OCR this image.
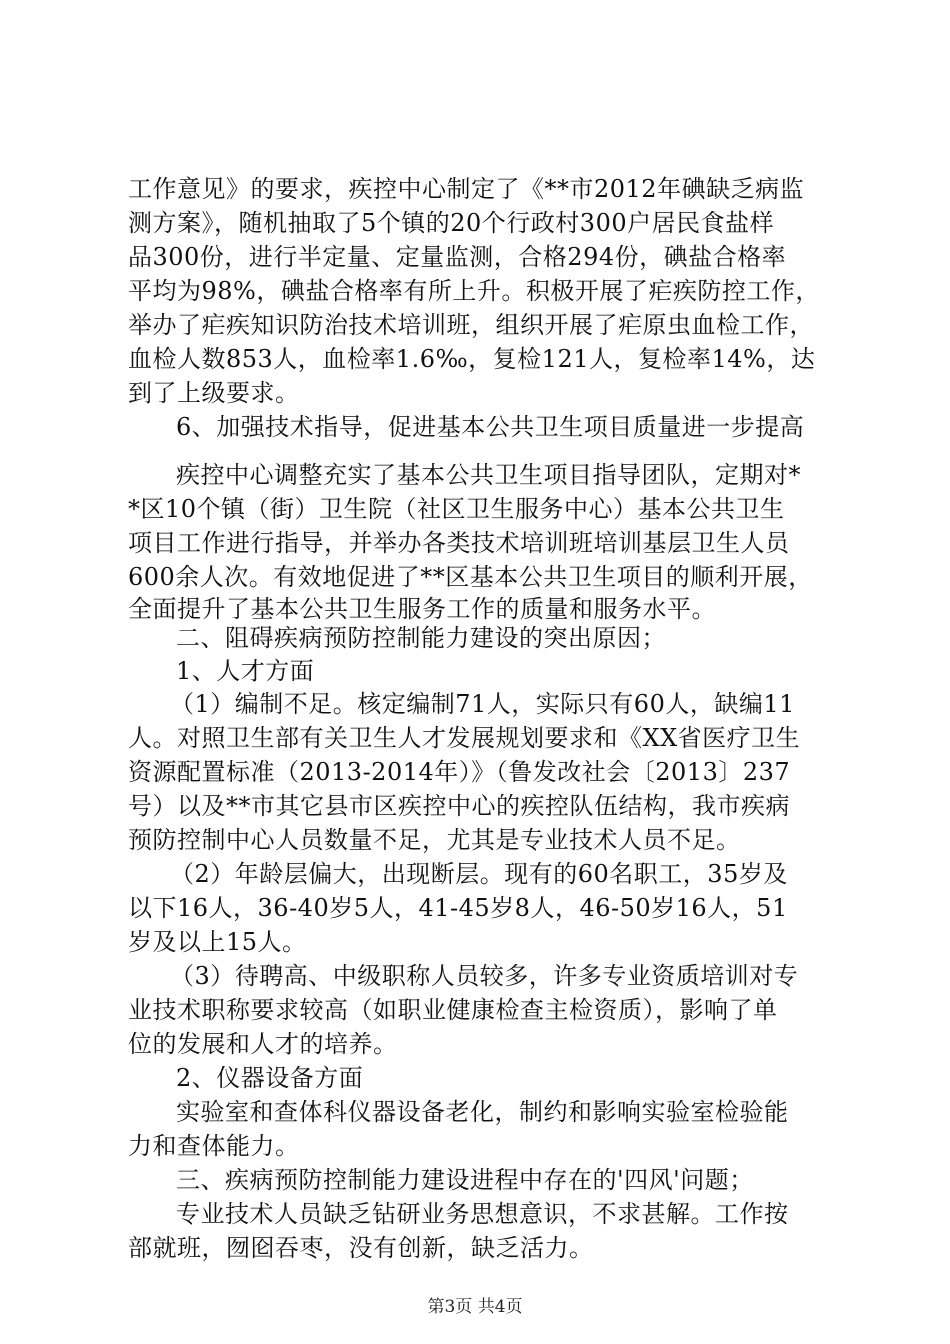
工作意见》的要求，疾控中心制定了《**市2012年碘缺乏病监
测方案》，随机抽取了5个镇的20个行政村300户居民食盐样
品300份，进行半定量、定量监测，合格294份，碘盐合格率
平均为98%，碘盐合格率有所上升。积极开展了疟疾防控工作，
举办了疟疾知识防治技术培训班，组织开展了疟原虫血检工作，
血检人数853人，血检率1.6‰，复检121人，复检率14%，达
到了上级要求。
6、加强技术指导，促进基本公共卫生项目质量进一步提高
疾控中心调整充实了基本公共卫生项目指导团队，定期对*
*区10个镇（街）卫生院（社区卫生服务中心）基本公共卫生
项目工作进行指导，并举办各类技术培训班培训基层卫生人员
600余人次。有效地促进了**区基本公共卫生项目的顺利开展，
全面提升了基本公共卫生服务工作的质量和服务水平。
二、阻碍疾病预防控制能力建设的突出原因；
1、人才方面
（1）编制不足。核定编制71人，实际只有60人，缺编11
人。对照卫生部有关卫生人才发展规划要求和《XX省医疗卫生
资源配置标准（2013-2014年）》（鲁发改社会〔2013〕237
号）以及**市其它县市区疾控中心的疾控队伍结构，我市疾病
预防控制中心人员数量不足，尤其是专业技术人员不足。
（2）年龄层偏大，出现断层。现有的60名职工，35岁及
以下16人，36-40岁5人，41-45岁8人，46-50岁16人，51
岁及以上15人。
（3）待聘高、中级职称人员较多，许多专业资质培训对专
业技术职称要求较高（如职业健康检查主检资质），影响了单
位的发展和人才的培养。
2、仪器设备方面
实验室和查体科仪器设备老化，制约和影响实验室检验能
力和查体能力。
三、疾病预防控制能力建设进程中存在的'四风'问题；
专业技术人员缺乏钻研业务思想意识，不求甚解。工作按
部就班，囫囵吞枣，没有创新，缺乏活力。
第3页 共4页
